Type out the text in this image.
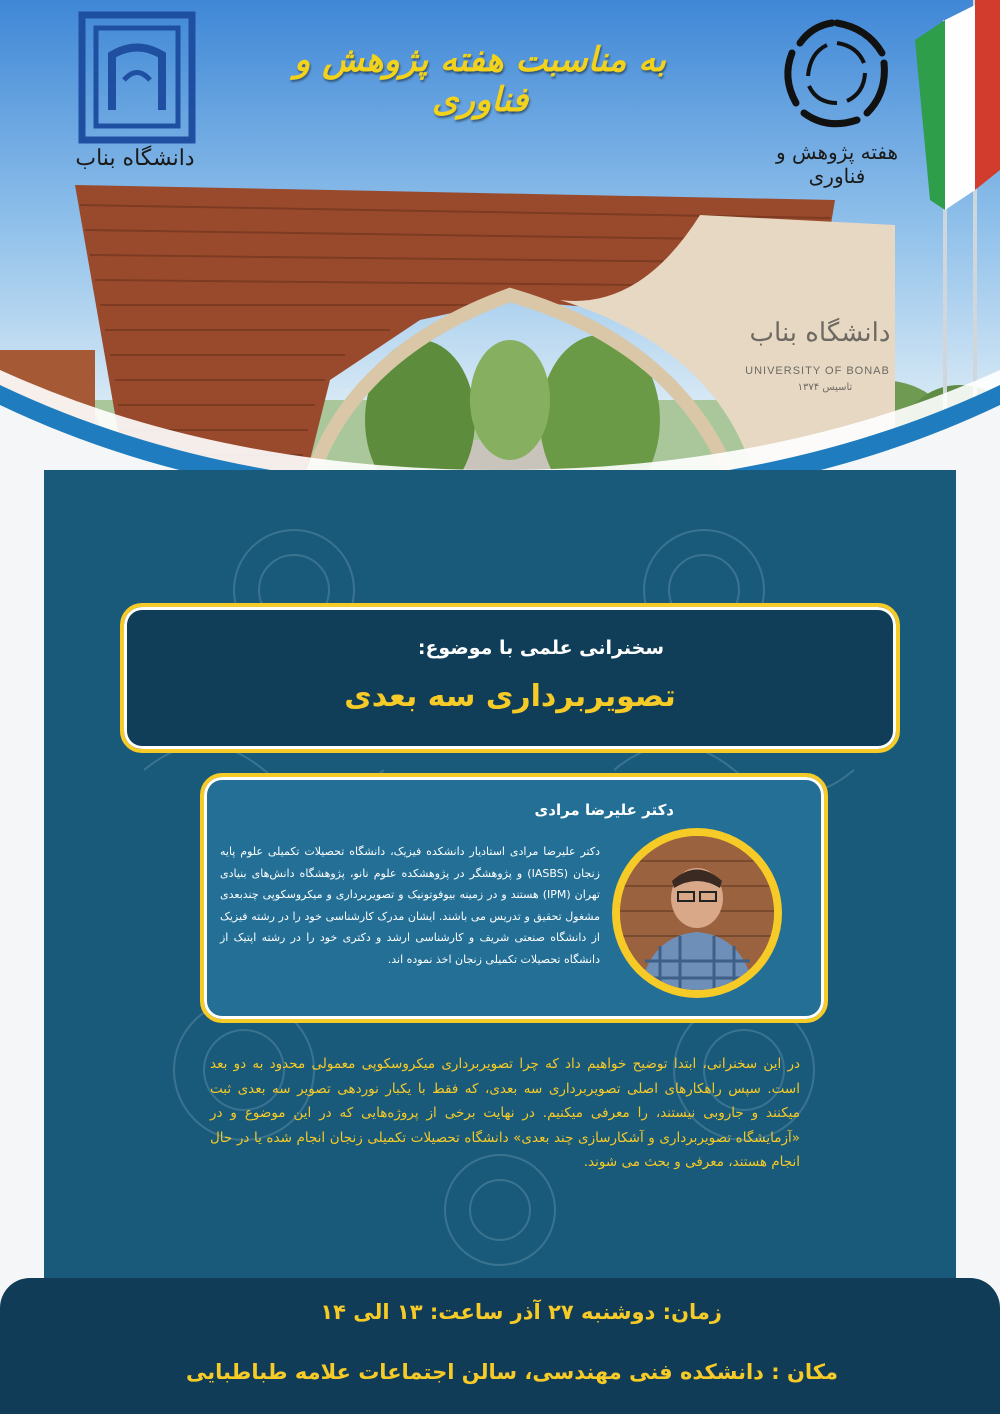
دانشگاه بناب
UNIVERSITY OF BONAB
تاسیس ۱۳۷۴
دانشگاه بناب	هفته پژوهش و فناوری
به مناسبت هفته پژوهش و فناوری
سخنرانی علمی با موضوع:
تصویربرداری سه بعدی
دکتر علیرضا مرادی
دکتر علیرضا مرادی استادیار دانشکده فیزیک، دانشگاه تحصیلات تکمیلی علوم پایه زنجان (IASBS) و پژوهشگر در پژوهشکده علوم نانو، پژوهشگاه دانش‌های بنیادی تهران (IPM) هستند و در زمینه بیوفوتونیک و تصویربرداری و میکروسکوپی چندبعدی مشغول تحقیق و تدریس می باشند. ایشان مدرک کارشناسی خود را در رشته فیزیک از دانشگاه صنعتی شریف و کارشناسی ارشد و دکتری خود را در رشته اپتیک از دانشگاه تحصیلات تکمیلی زنجان اخذ نموده اند.
در این سخنرانی، ابتدا توضیح خواهیم داد که چرا تصویربرداری میکروسکوپی معمولی محدود به دو بعد است. سپس راهکارهای اصلی تصویربرداری سه بعدی، که فقط با یکبار نوردهی تصویر سه بعدی ثبت میکنند و جاروبی نیستند، را معرفی میکنیم. در نهایت برخی از پروژه‌هایی که در این موضوع و در «آزمایشگاه تصویربرداری و آشکارسازی چند بعدی» دانشگاه تحصیلات تکمیلی زنجان انجام شده یا در حال انجام هستند، معرفی و بحث می شوند.
زمان: دوشنبه ۲۷ آذر ساعت: ۱۳ الی ۱۴
مکان : دانشکده فنی مهندسی، سالن اجتماعات علامه طباطبایی
